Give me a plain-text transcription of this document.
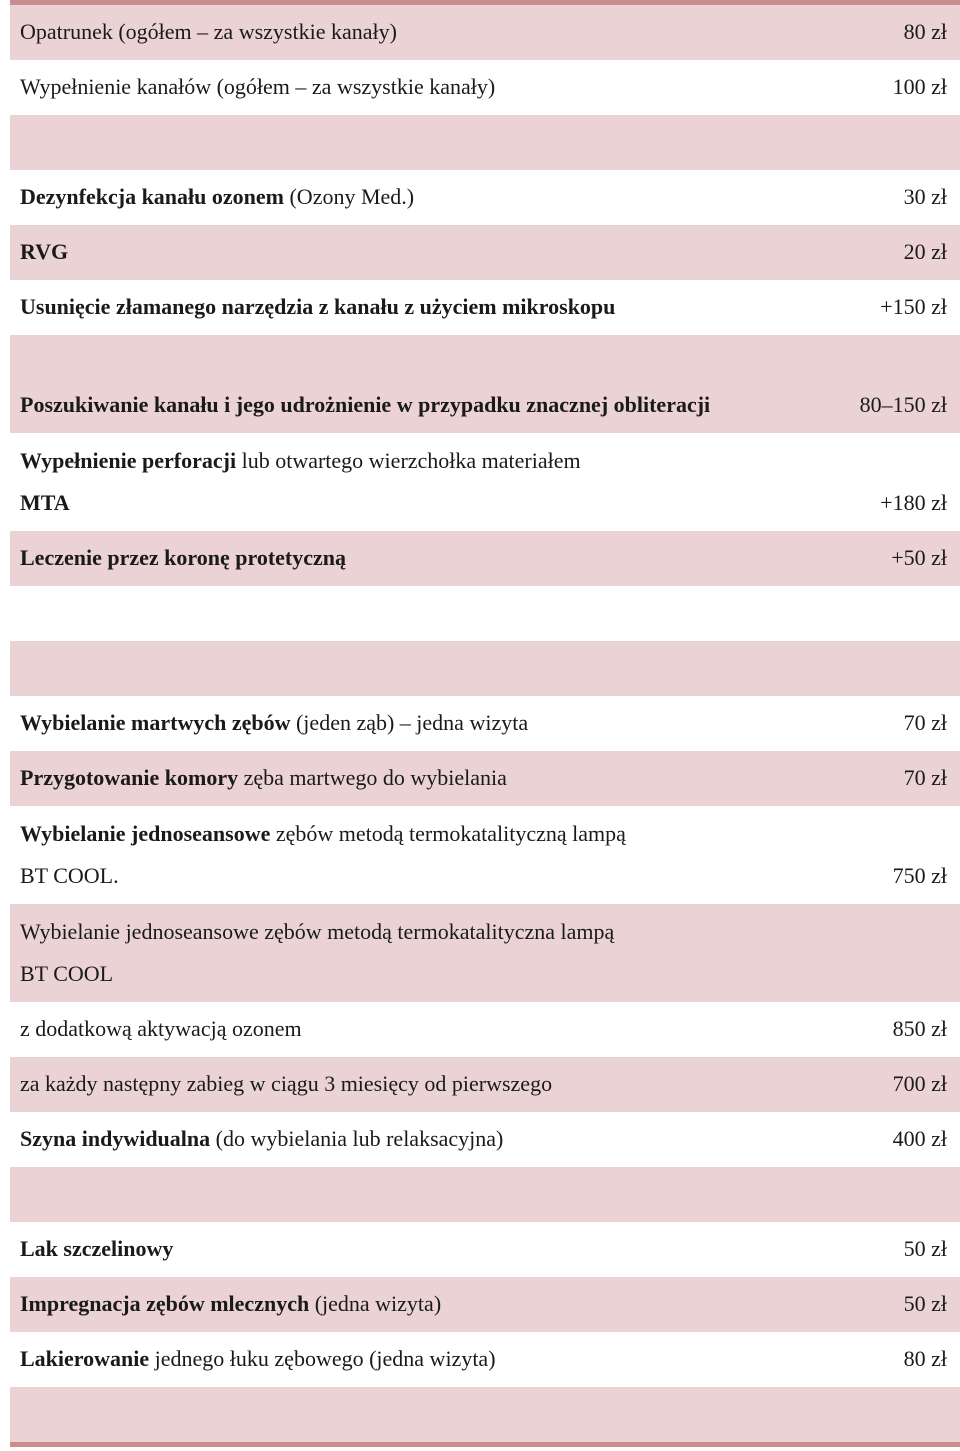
Opatrunek (ogółem – za wszystkie kanały)	80 zł
Wypełnienie kanałów (ogółem – za wszystkie kanały)	100 zł
Dezynfekcja kanału ozonem (Ozony Med.)	30 zł
RVG	20 zł
Usunięcie złamanego narzędzia z kanału z użyciem mikroskopu	+150 zł
Poszukiwanie kanału i jego udrożnienie w przypadku znacznej obliteracji	80–150 zł
Wypełnienie perforacji lub otwartego wierzchołka materiałem
MTA	+180 zł
Leczenie przez koronę protetyczną	+50 zł
Wybielanie martwych zębów (jeden ząb) – jedna wizyta	70 zł
Przygotowanie komory zęba martwego do wybielania	70 zł
Wybielanie jednoseansowe zębów metodą termokatalityczną lampą
BT COOL.	750 zł
Wybielanie jednoseansowe zębów metodą termokatalityczna lampą
BT COOL
z dodatkową aktywacją ozonem	850 zł
za każdy następny zabieg w ciągu 3 miesięcy od pierwszego	700 zł
Szyna indywidualna (do wybielania lub relaksacyjna)	400 zł
Lak szczelinowy	50 zł
Impregnacja zębów mlecznych (jedna wizyta)	50 zł
Lakierowanie jednego łuku zębowego (jedna wizyta)	80 zł
